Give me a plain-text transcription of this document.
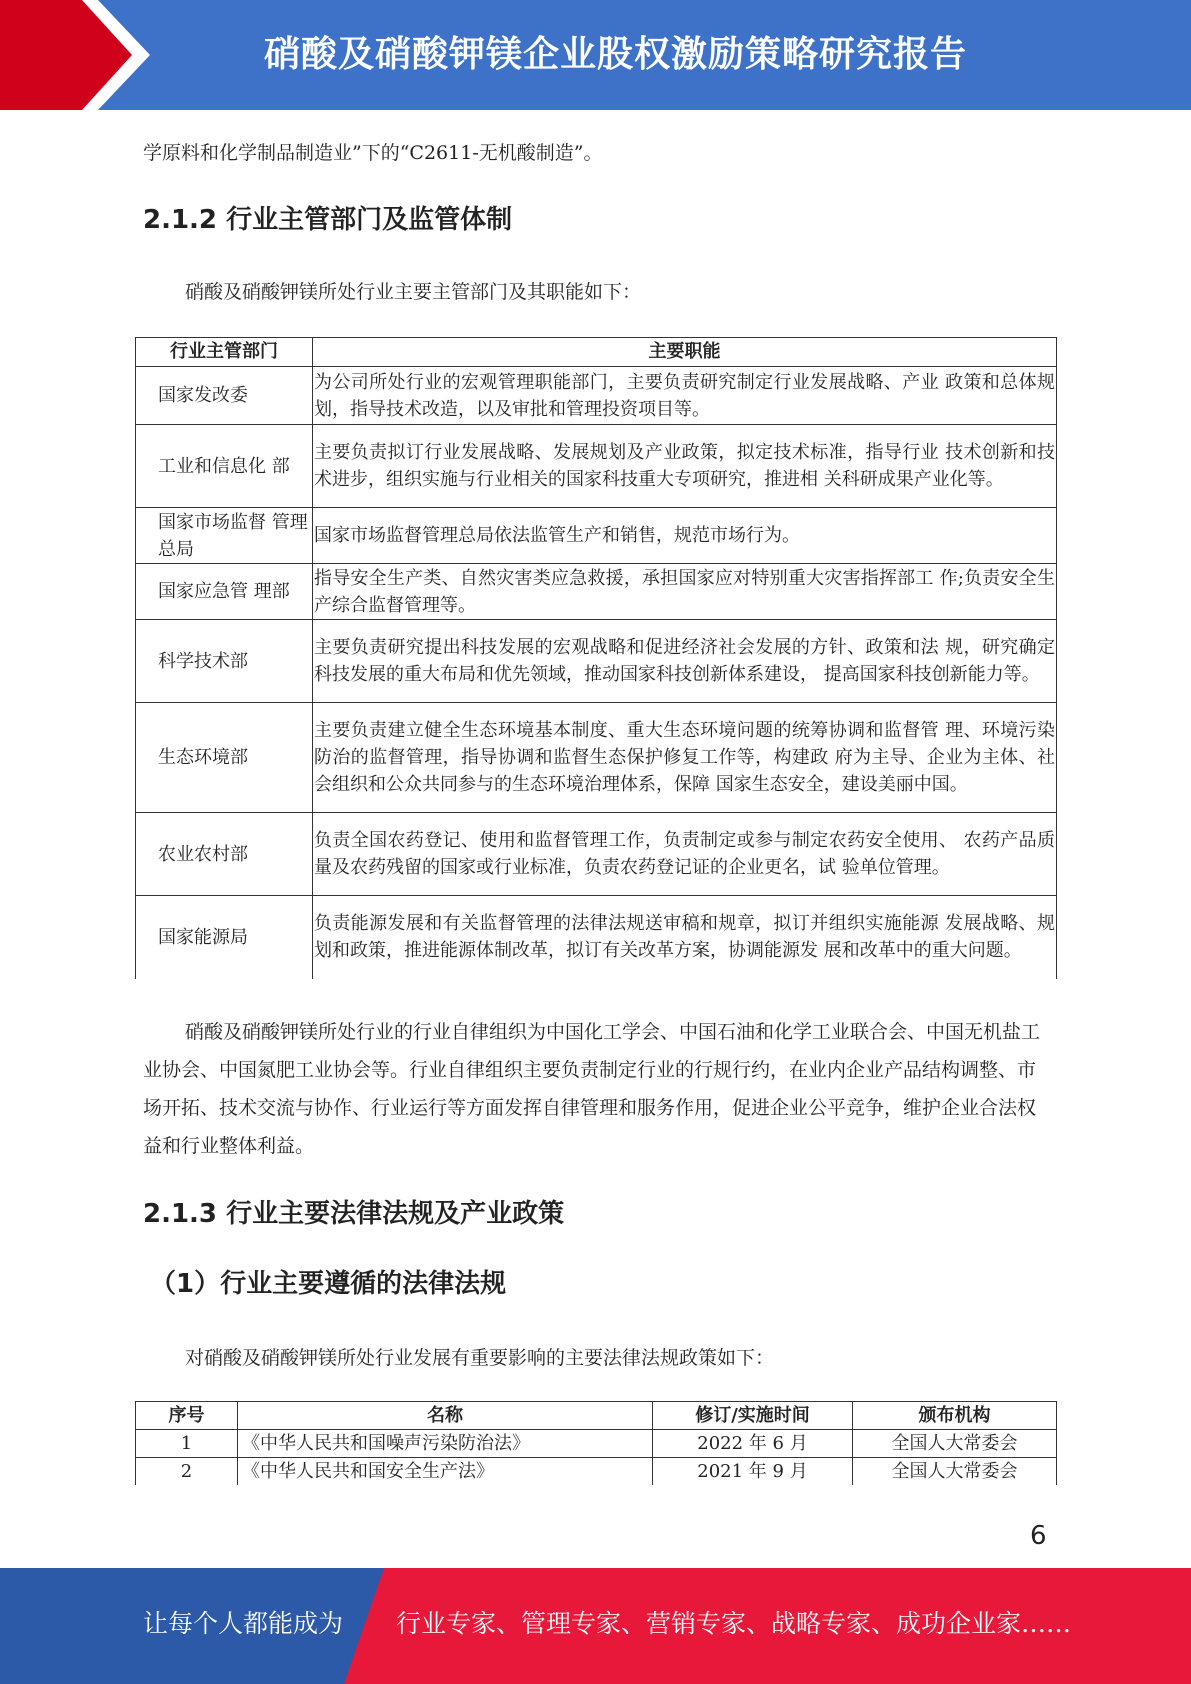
硝酸及硝酸钾镁企业股权激励策略研究报告

学原料和化学制品制造业”下的“C2611-无机酸制造”。

2.1.2 行业主管部门及监管体制

硝酸及硝酸钾镁所处行业主要主管部门及其职能如下：

行业主管部门	主要职能
国家发改委	为公司所处行业的宏观管理职能部门，主要负责研究制定行业发展战略、产业 政策和总体规划，指导技术改造，以及审批和管理投资项目等。
工业和信息化 部	主要负责拟订行业发展战略、发展规划及产业政策，拟定技术标准，指导行业 技术创新和技术进步，组织实施与行业相关的国家科技重大专项研究，推进相 关科研成果产业化等。
国家市场监督 管理总局	国家市场监督管理总局依法监管生产和销售，规范市场行为。
国家应急管 理部	指导安全生产类、自然灾害类应急救援，承担国家应对特别重大灾害指挥部工 作;负责安全生产综合监督管理等。
科学技术部	主要负责研究提出科技发展的宏观战略和促进经济社会发展的方针、政策和法 规，研究确定科技发展的重大布局和优先领域，推动国家科技创新体系建设， 提高国家科技创新能力等。
生态环境部	主要负责建立健全生态环境基本制度、重大生态环境问题的统筹协调和监督管 理、环境污染防治的监督管理，指导协调和监督生态保护修复工作等，构建政 府为主导、企业为主体、社会组织和公众共同参与的生态环境治理体系，保障 国家生态安全，建设美丽中国。
农业农村部	负责全国农药登记、使用和监督管理工作，负责制定或参与制定农药安全使用、 农药产品质量及农药残留的国家或行业标准，负责农药登记证的企业更名，试 验单位管理。
国家能源局	负责能源发展和有关监督管理的法律法规送审稿和规章，拟订并组织实施能源 发展战略、规划和政策，推进能源体制改革，拟订有关改革方案，协调能源发 展和改革中的重大问题。

硝酸及硝酸钾镁所处行业的行业自律组织为中国化工学会、中国石油和化学工业联合会、中国无机盐工业协会、中国氮肥工业协会等。行业自律组织主要负责制定行业的行规行约，在业内企业产品结构调整、市场开拓、技术交流与协作、行业运行等方面发挥自律管理和服务作用，促进企业公平竞争，维护企业合法权益和行业整体利益。

2.1.3 行业主要法律法规及产业政策
（1）行业主要遵循的法律法规

对硝酸及硝酸钾镁所处行业发展有重要影响的主要法律法规政策如下：

序号	名称	修订/实施时间	颁布机构
1	《中华人民共和国噪声污染防治法》	2022 年 6 月	全国人大常委会
2	《中华人民共和国安全生产法》	2021 年 9 月	全国人大常委会
6
让每个人都能成为 行业专家、管理专家、营销专家、战略专家、成功企业家……
